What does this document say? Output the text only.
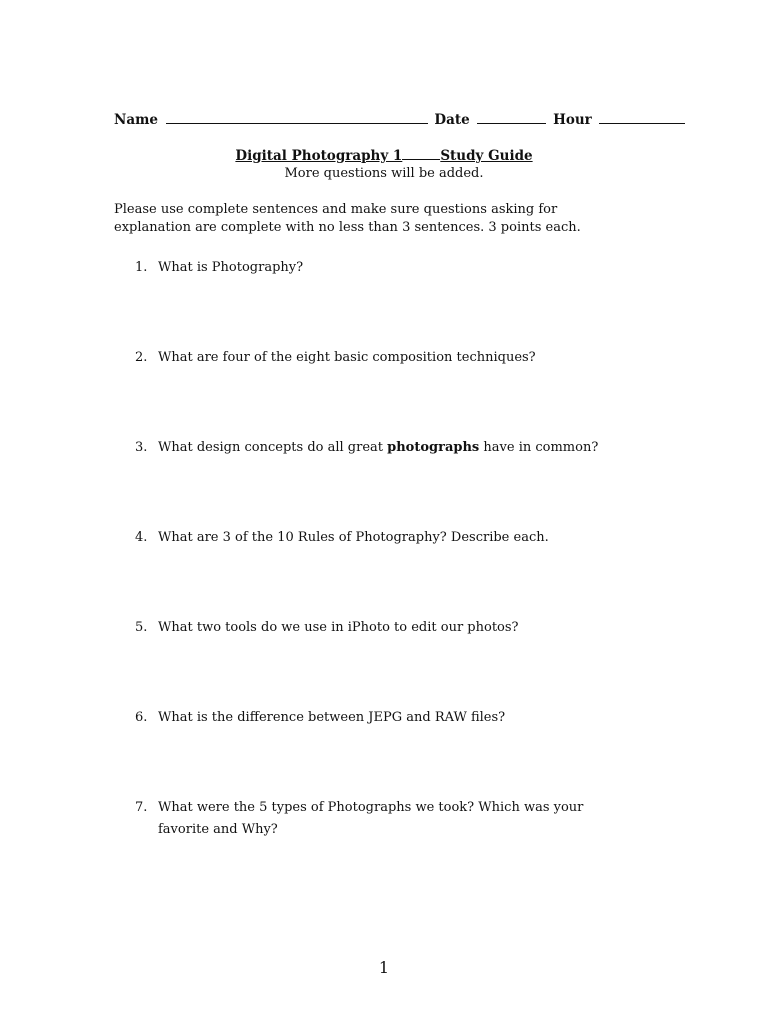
Name	Date	Hour
Digital Photography 1	Study Guide
More questions will be added.
Please use complete sentences and make sure questions asking for explanation are complete with no less than 3 sentences. 3 points each.
1. What is Photography?
2. What are four of the eight basic composition techniques?
3. What design concepts do all great photographs have in common?
4. What are 3 of the 10 Rules of Photography? Describe each.
5. What two tools do we use in iPhoto to edit our photos?
6. What is the difference between JEPG and RAW files?
7. What were the 5 types of Photographs we took? Which was your favorite and Why?
1
